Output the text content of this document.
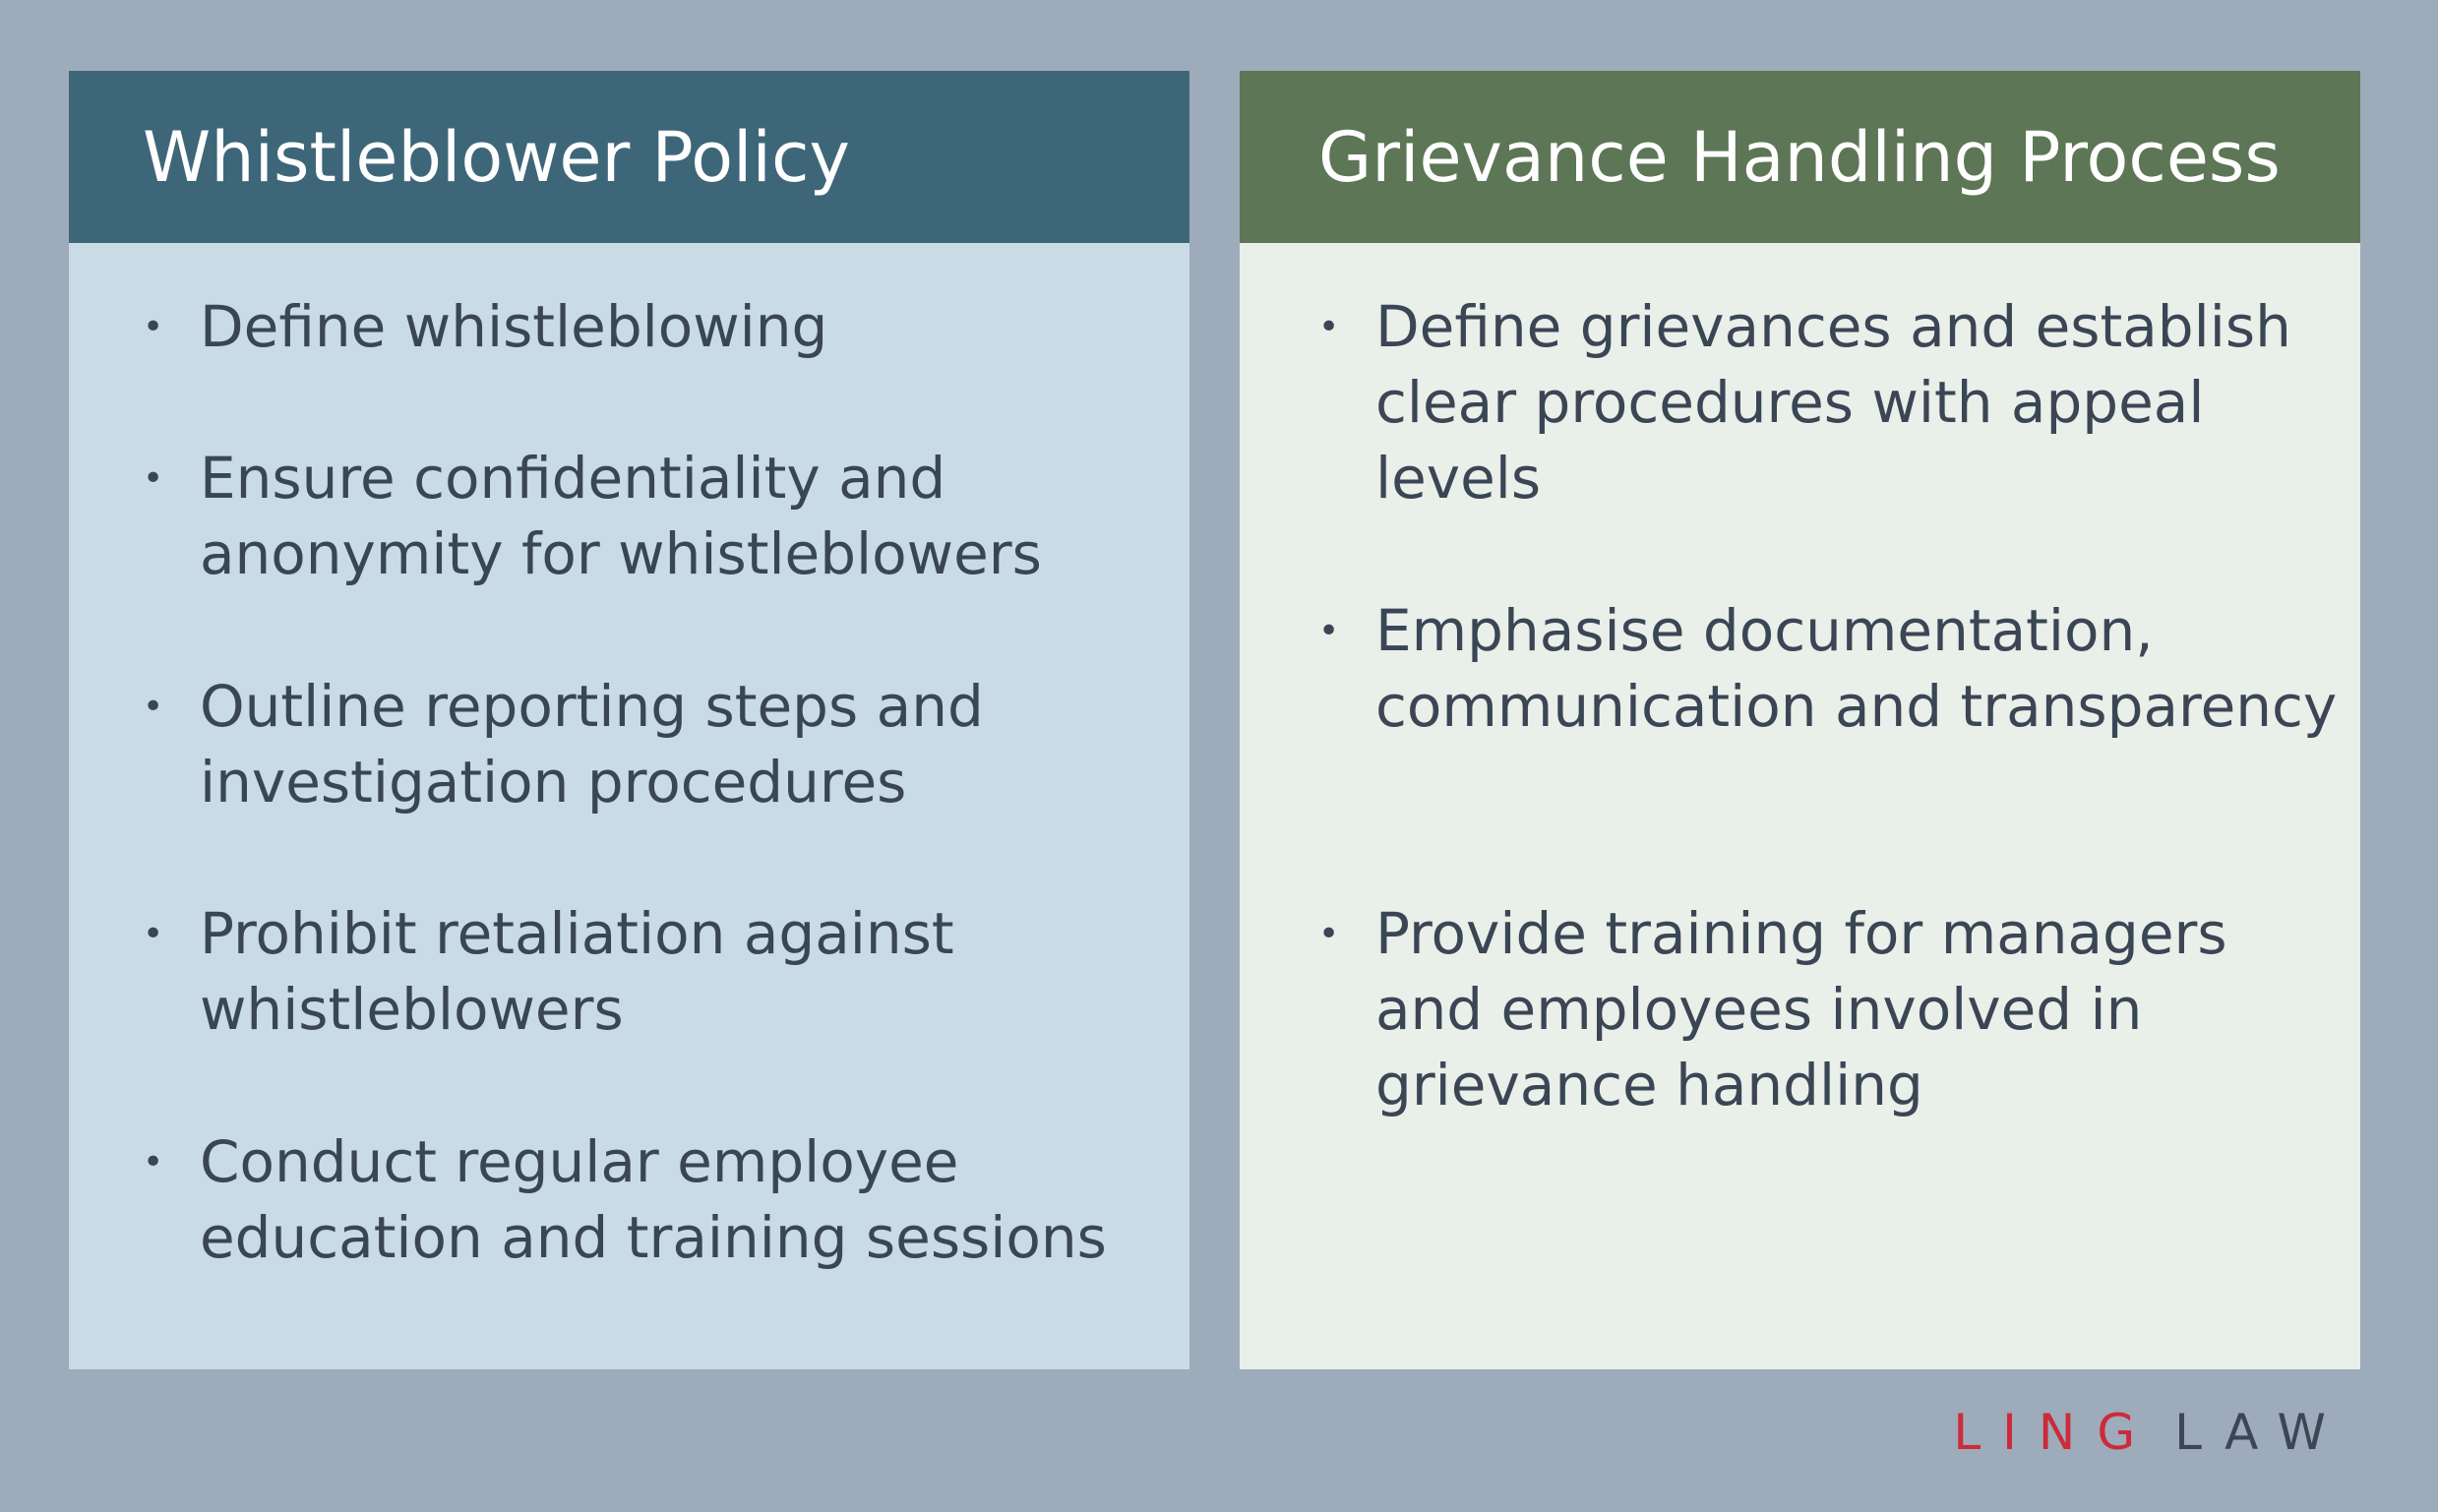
Whistleblower Policy
• Define whistleblowing
• Ensure confidentiality and anonymity for whistleblowers
• Outline reporting steps and investigation procedures
• Prohibit retaliation against whistleblowers
• Conduct regular employee education and training sessions
Grievance Handling Process
• Define grievances and establish clear procedures with appeal levels
• Emphasise documentation, communication and transparency
• Provide training for managers and employees involved in grievance handling
LING LAW
